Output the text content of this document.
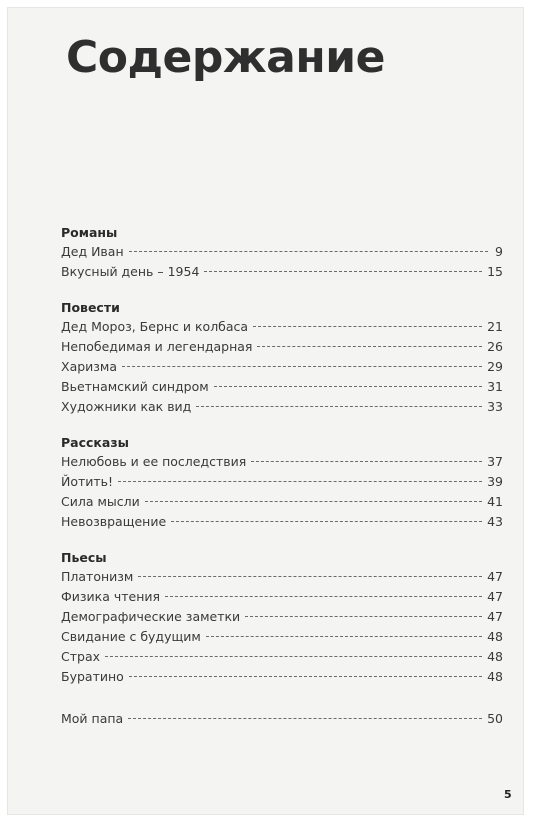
Содержание
Романы
Дед Иван	9
Вкусный день – 1954	15
Повести
Дед Мороз, Бернс и колбаса	21
Непобедимая и легендарная	26
Харизма	29
Вьетнамский синдром	31
Художники как вид	33
Рассказы
Нелюбовь и ее последствия	37
Йотить!	39
Сила мысли	41
Невозвращение	43
Пьесы
Платонизм	47
Физика чтения	47
Демографические заметки	47
Свидание с будущим	48
Страх	48
Буратино	48
Мой папа	50
5
